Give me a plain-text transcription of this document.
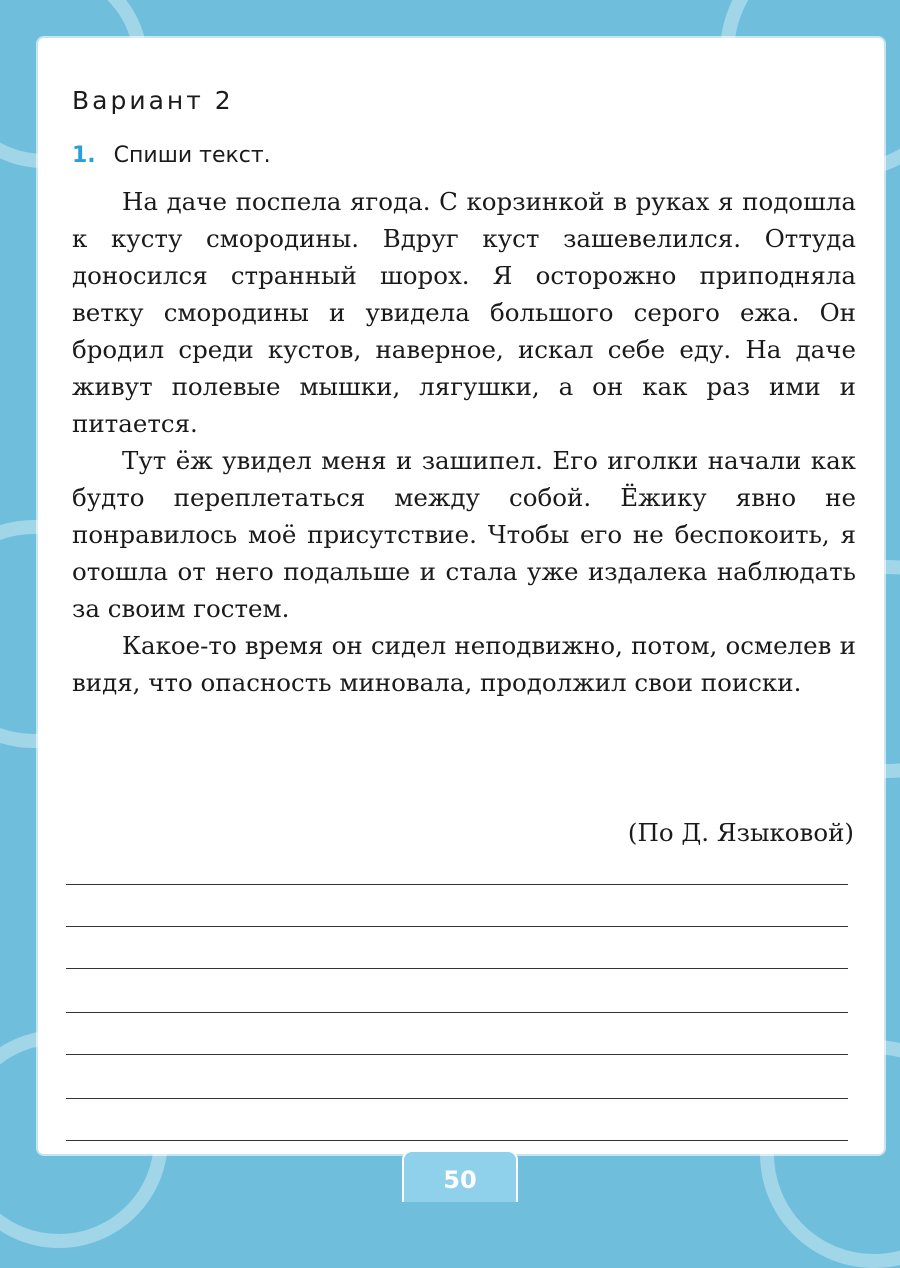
Вариант 2
1. Спиши текст.

На даче поспела ягода. С корзинкой в руках я подошла к кусту смородины. Вдруг куст зашевелился. Оттуда доносился странный шорох. Я осторожно приподняла ветку смородины и увидела большого серого ежа. Он бродил среди кустов, наверное, искал себе еду. На даче живут полевые мышки, лягушки, а он как раз ими и питается.

Тут ёж увидел меня и зашипел. Его иголки начали как будто переплетаться между собой. Ёжику явно не понравилось моё присутствие. Чтобы его не беспокоить, я отошла от него подальше и стала уже издалека наблюдать за своим гостем.

Какое-то время он сидел неподвижно, потом, осмелев и видя, что опасность миновала, продолжил свои поиски.

(По Д. Языковой)
50
